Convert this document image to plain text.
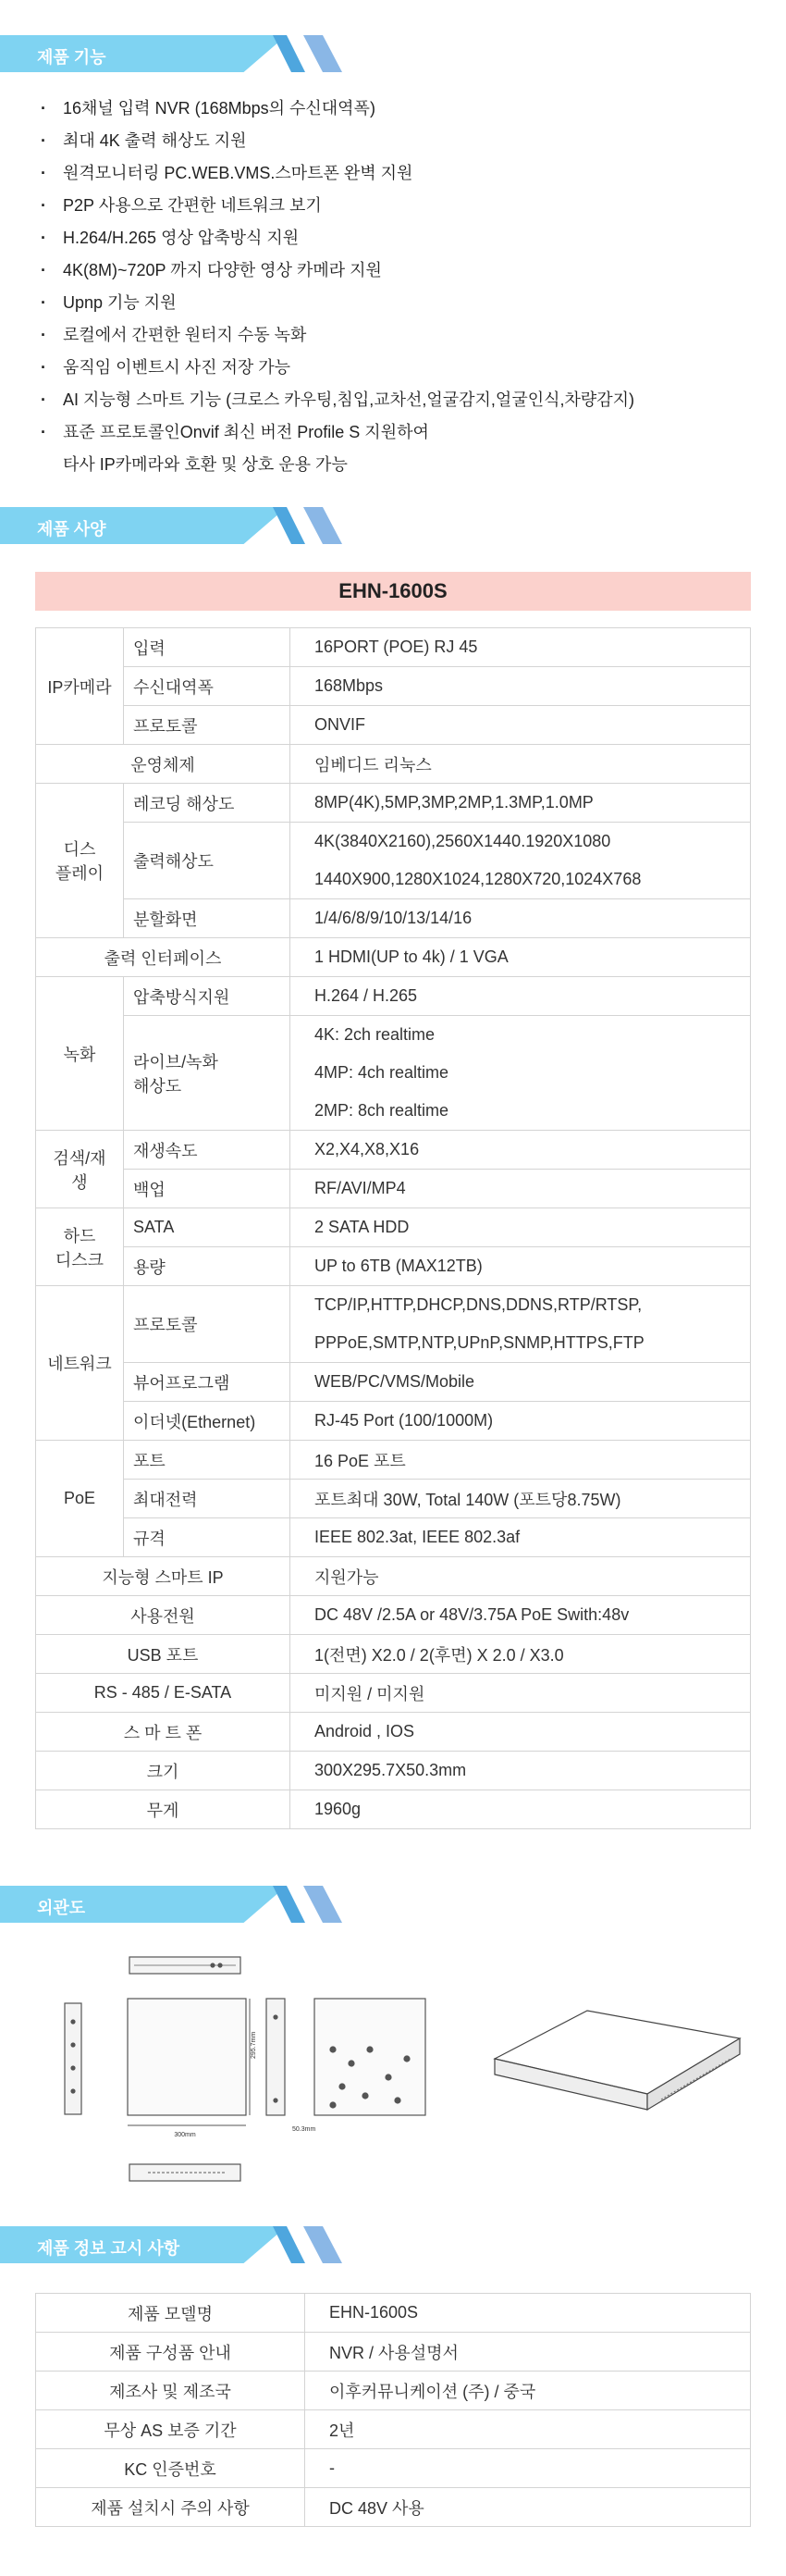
제품 기능
· 16채널 입력 NVR (168Mbps의 수신대역폭)
· 최대 4K 출력 해상도 지원
· 원격모니터링 PC.WEB.VMS.스마트폰 완벽 지원
· P2P 사용으로 간편한 네트워크 보기
· H.264/H.265 영상 압축방식 지원
· 4K(8M)~720P 까지 다양한 영상 카메라 지원
· Upnp 기능 지원
· 로컬에서 간편한 원터지 수동 녹화
· 움직임 이벤트시 사진 저장 가능
· AI 지능형 스마트 기능 (크로스 카우팅,침입,교차선,얼굴감지,얼굴인식,차량감지)
· 표준 프로토콜인Onvif 최신 버전 Profile S 지원하여
타사 IP카메라와 호환 및 상호 운용 가능
제품 사양
EHN-1600S
IP카메라	입력	16PORT (POE) RJ 45
	수신대역폭	168Mbps
	프로토콜	ONVIF
운영체제		임베디드 리눅스
디스
플레이	레코딩 해상도	8MP(4K),5MP,3MP,2MP,1.3MP,1.0MP
	출력해상도	4K(3840X2160),2560X1440.1920X1080
1440X900,1280X1024,1280X720,1024X768

	분할화면	1/4/6/8/9/10/13/14/16
출력 인터페이스		1 HDMI(UP to 4k) / 1 VGA
녹화	압축방식지원	H.264 / H.265
	라이브/녹화
해상도	4K: 2ch realtime
4MP: 4ch realtime
2MP: 8ch realtime

검색/재생	재생속도	X2,X4,X8,X16
	백업	RF/AVI/MP4
하드
디스크	SATA	2 SATA HDD
	용량	UP to 6TB (MAX12TB)
네트워크	프로토콜	TCP/IP,HTTP,DHCP,DNS,DDNS,RTP/RTSP,
PPPoE,SMTP,NTP,UPnP,SNMP,HTTPS,FTP

	뷰어프로그램	WEB/PC/VMS/Mobile
	이더넷(Ethernet)	RJ-45 Port (100/1000M)
PoE	포트	16 PoE 포트
	최대전력	포트최대 30W, Total 140W (포트당8.75W)
	규격	IEEE 802.3at, IEEE 802.3af
지능형 스마트 IP		지원가능
사용전원		DC 48V /2.5A or 48V/3.75A PoE Swith:48v
USB 포트		1(전면) X2.0 / 2(후면) X 2.0 / X3.0
RS - 485 / E-SATA		미지원 / 미지원
스 마 트 폰		Android , IOS
크기		300X295.7X50.3mm
무게		1960g
외관도
300mm
295.7mm
50.3mm
제품 정보 고시 사항
제품 모델명	EHN-1600S
제품 구성품 안내	NVR / 사용설명서
제조사 및 제조국	이후커뮤니케이션 (주) / 중국
무상 AS 보증 기간	2년
KC 인증번호	-
제품 설치시 주의 사항	DC 48V 사용
